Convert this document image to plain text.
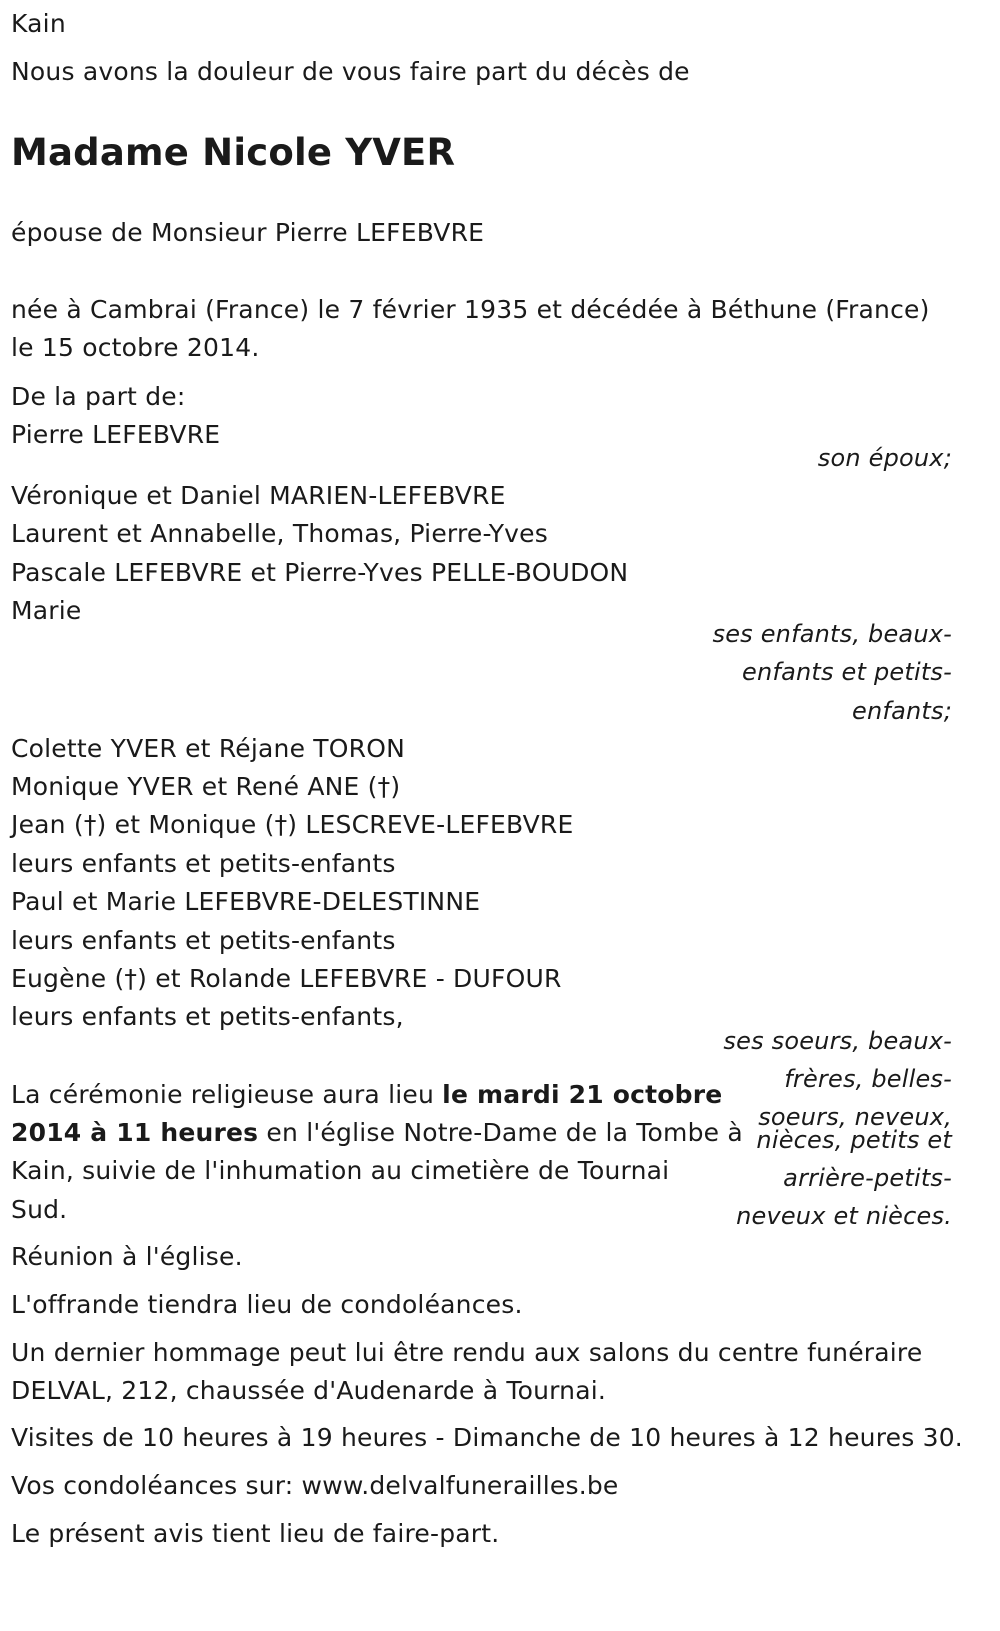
Kain
Nous avons la douleur de vous faire part du décès de
Madame Nicole YVER
épouse de Monsieur Pierre LEFEBVRE
née à Cambrai (France) le 7 février 1935 et décédée à Béthune (France)
le 15 octobre 2014.
De la part de:
Pierre LEFEBVRE
son époux;
Véronique et Daniel MARIEN-LEFEBVRE
Laurent et Annabelle, Thomas, Pierre-Yves
Pascale LEFEBVRE et Pierre-Yves PELLE-BOUDON
Marie
ses enfants, beaux-
enfants et petits-
enfants;
Colette YVER et Réjane TORON
Monique YVER et René ANE (†)
Jean (†) et Monique (†) LESCREVE-LEFEBVRE
leurs enfants et petits-enfants
Paul et Marie LEFEBVRE-DELESTINNE
leurs enfants et petits-enfants
Eugène (†) et Rolande LEFEBVRE - DUFOUR
leurs enfants et petits-enfants,
ses soeurs, beaux-
frères, belles-
soeurs, neveux,
nièces, petits et
arrière-petits-
neveux et nièces.
La cérémonie religieuse aura lieu le mardi 21 octobre
2014 à 11 heures en l'église Notre-Dame de la Tombe à
Kain, suivie de l'inhumation au cimetière de Tournai
Sud.
Réunion à l'église.
L'offrande tiendra lieu de condoléances.
Un dernier hommage peut lui être rendu aux salons du centre funéraire
DELVAL, 212, chaussée d'Audenarde à Tournai.
Visites de 10 heures à 19 heures - Dimanche de 10 heures à 12 heures 30.
Vos condoléances sur: www.delvalfunerailles.be
Le présent avis tient lieu de faire-part.
